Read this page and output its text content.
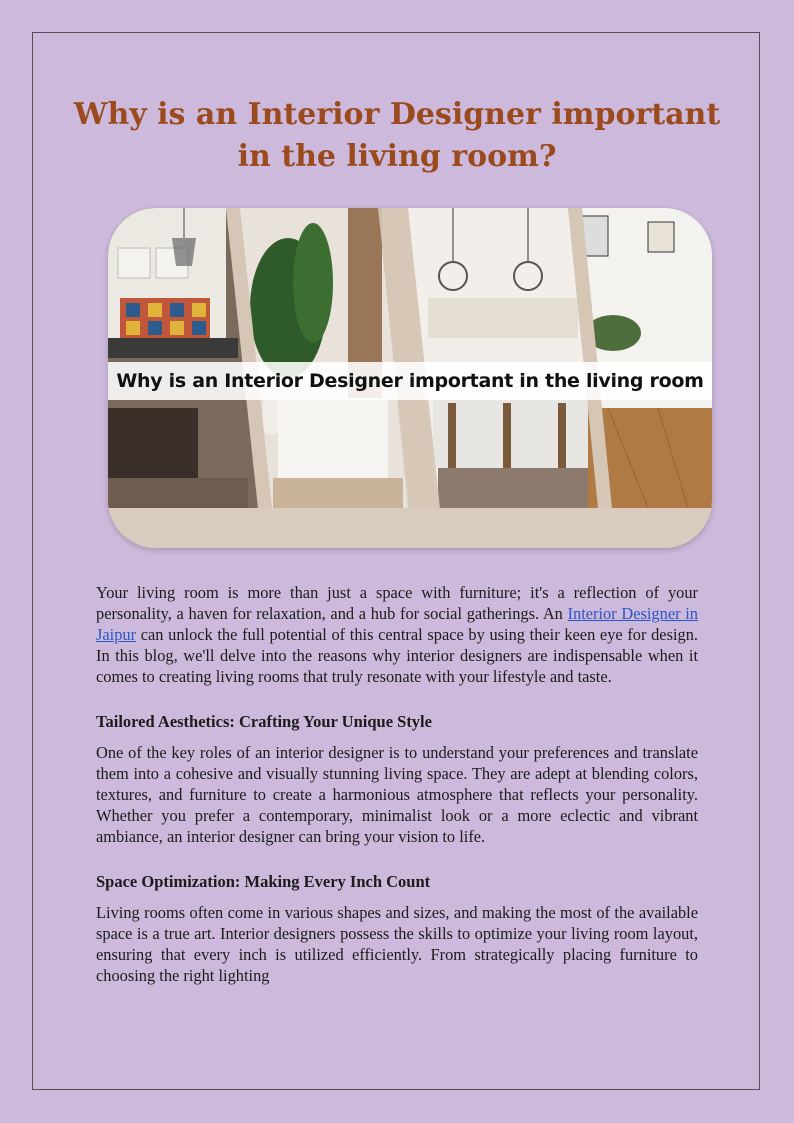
Why is an Interior Designer important in the living room?
Why is an Interior Designer important in the living room

Your living room is more than just a space with furniture; it's a reflection of your personality, a haven for relaxation, and a hub for social gatherings. An Interior Designer in Jaipur can unlock the full potential of this central space by using their keen eye for design. In this blog, we'll delve into the reasons why interior designers are indispensable when it comes to creating living rooms that truly resonate with your lifestyle and taste.

Tailored Aesthetics: Crafting Your Unique Style

One of the key roles of an interior designer is to understand your preferences and translate them into a cohesive and visually stunning living space. They are adept at blending colors, textures, and furniture to create a harmonious atmosphere that reflects your personality. Whether you prefer a contemporary, minimalist look or a more eclectic and vibrant ambiance, an interior designer can bring your vision to life.

Space Optimization: Making Every Inch Count

Living rooms often come in various shapes and sizes, and making the most of the available space is a true art. Interior designers possess the skills to optimize your living room layout, ensuring that every inch is utilized efficiently. From strategically placing furniture to choosing the right lighting
